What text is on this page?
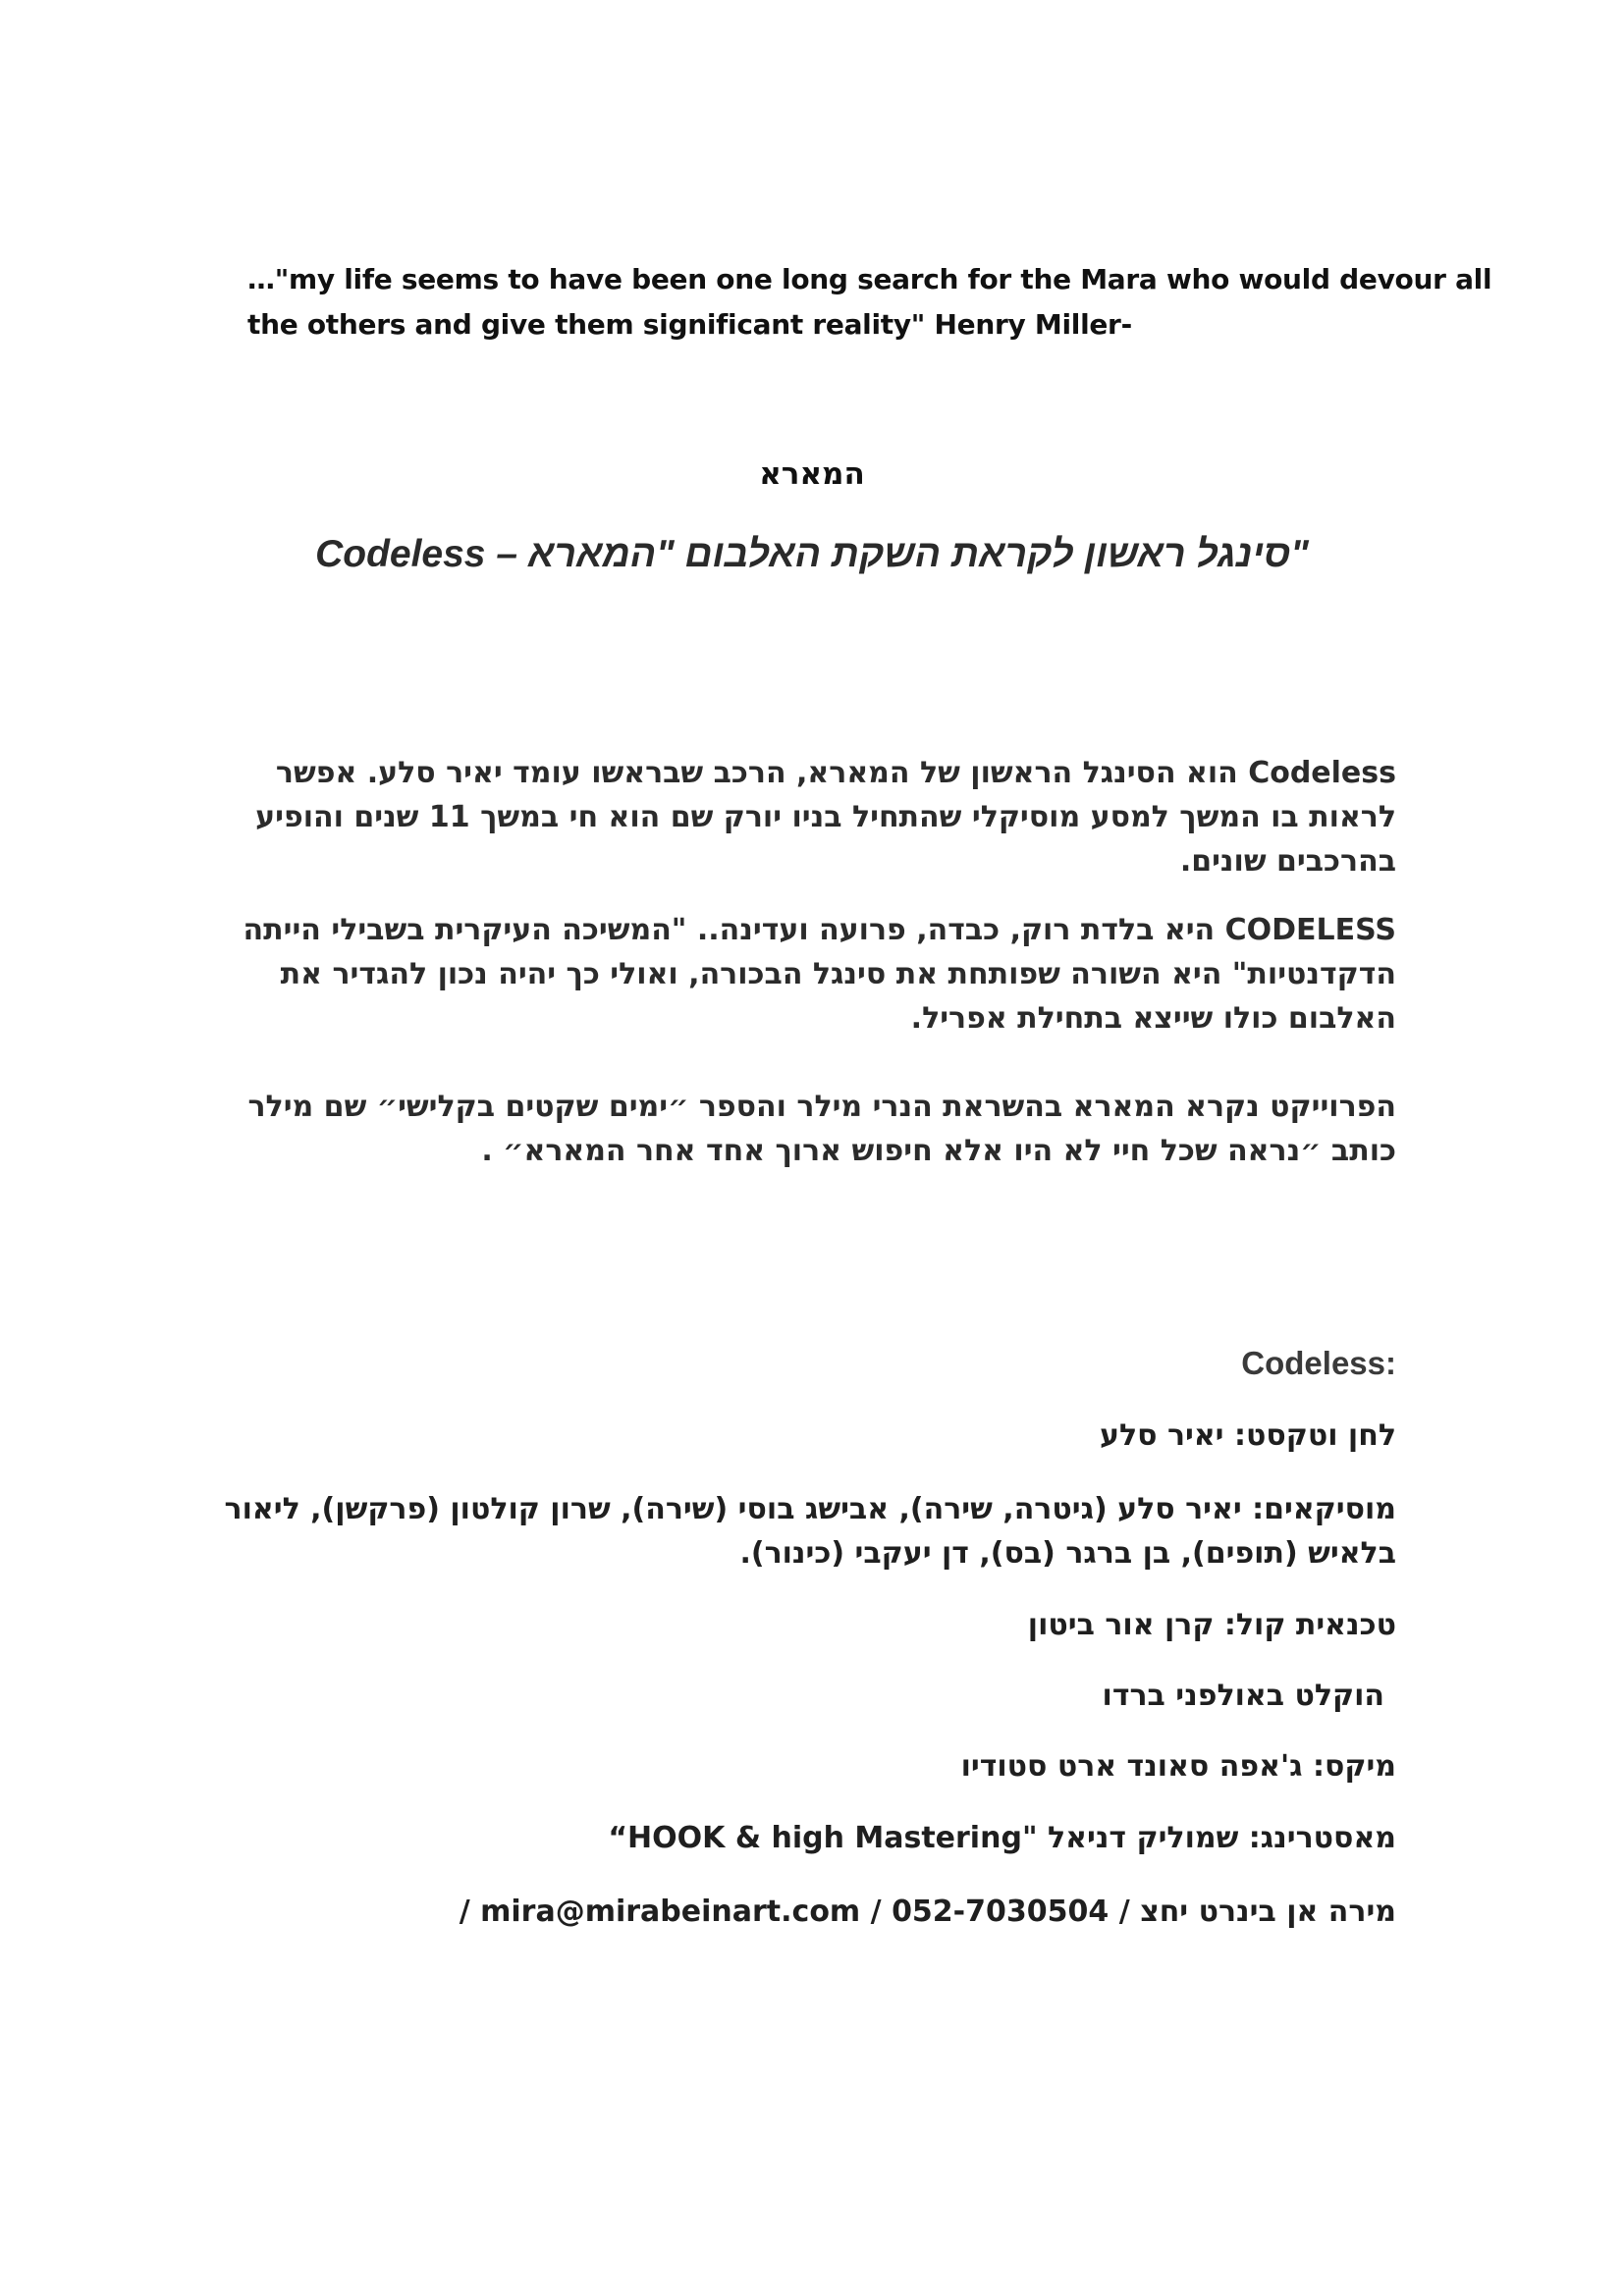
…"my life seems to have been one long search for the Mara who would devour all
the others and give them significant reality" Henry Miller-
המארא
Codeless – סינגל ראשון לקראת השקת האלבום "המארא"
Codeless הוא הסינגל הראשון של המארא, הרכב שבראשו עומד יאיר סלע. אפשר
לראות בו המשך למסע מוסיקלי שהתחיל בניו יורק שם הוא חי במשך 11 שנים והופיע
בהרכבים שונים.
CODELESS היא בלדת רוק, כבדה, פרועה ועדינה.. "המשיכה העיקרית בשבילי הייתה
הדקדנטיות" היא השורה שפותחת את סינגל הבכורה, ואולי כך יהיה נכון להגדיר את
האלבום כולו שייצא בתחילת אפריל.
הפרוייקט נקרא המארא בהשראת הנרי מילר והספר ״ימים שקטים בקלישי״ שם מילר
כותב ״נראה שכל חיי לא היו אלא חיפוש ארוך אחד אחר המארא״ .
Codeless:
לחן וטקסט: יאיר סלע
מוסיקאים: יאיר סלע (גיטרה, שירה), אבישג בוסי (שירה), שרון קולטון (פרקשן), ליאור
בלאיש (תופים), בן ברגר (בס), דן יעקבי (כינור).
טכנאית קול: קרן אור ביטון
הוקלט באולפני ברדו
מיקס: ג'אפה סאונד ארט סטודיו
מאסטרינג: שמוליק דניאל "HOOK & high Mastering“
מירה אן בינרט יחצ / 052-7030504 / mira@mirabeinart.com /
